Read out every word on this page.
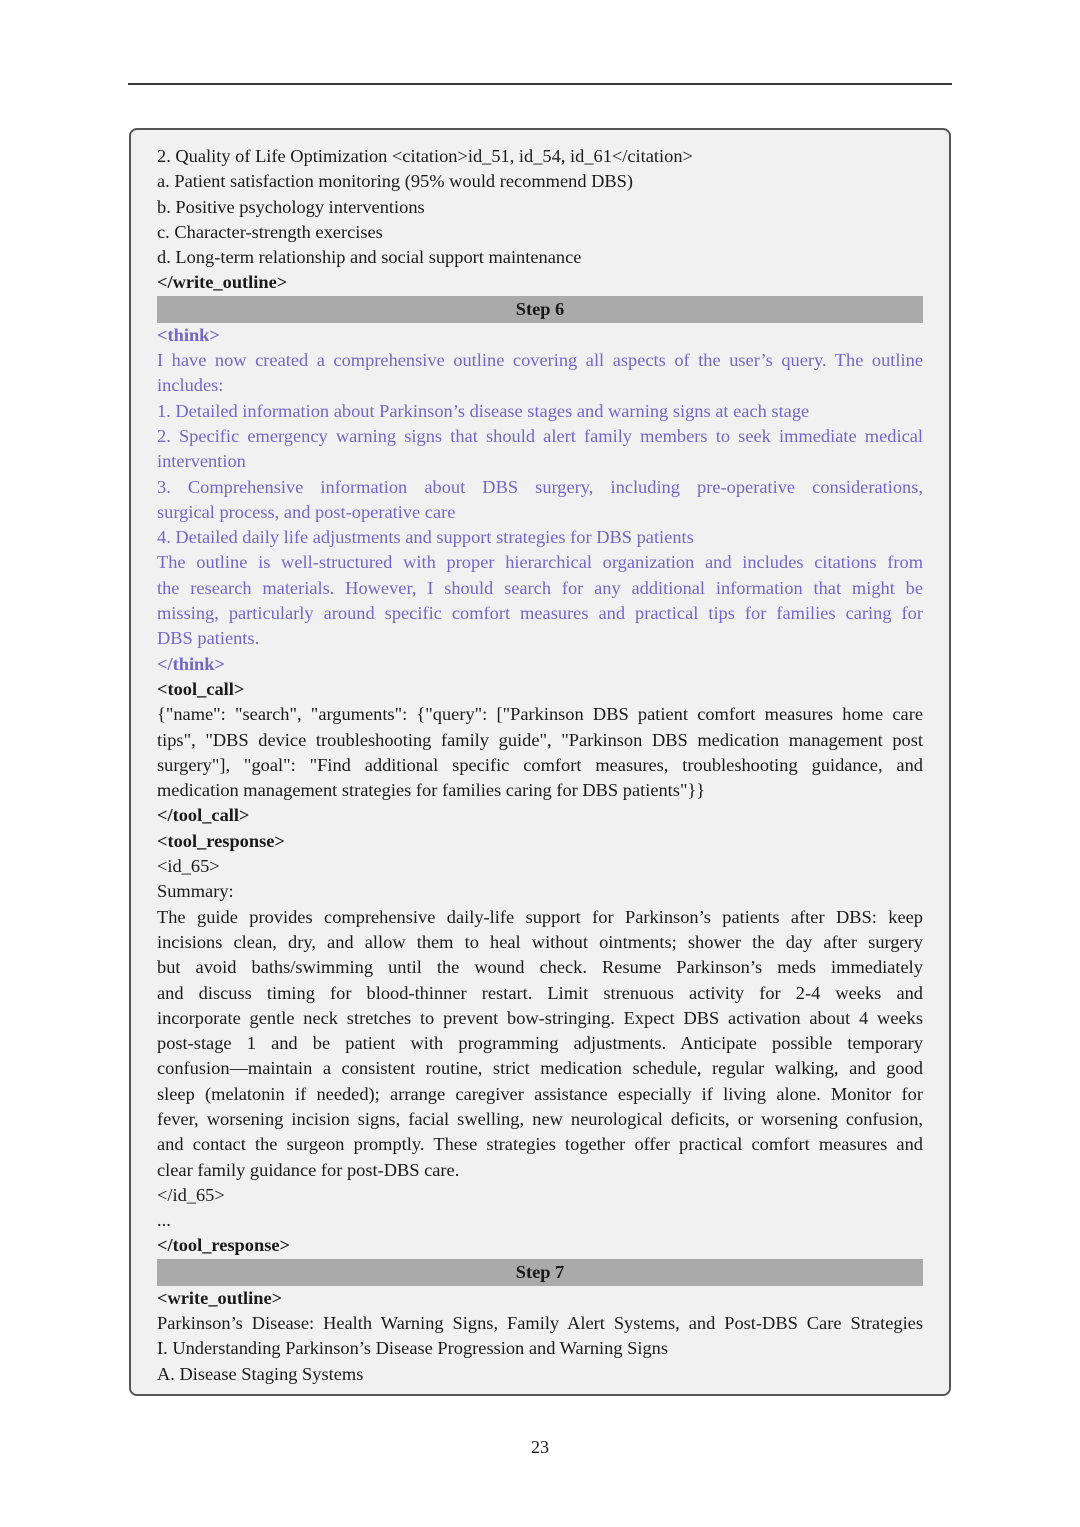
2. Quality of Life Optimization <citation>id_51, id_54, id_61</citation>

a. Patient satisfaction monitoring (95% would recommend DBS)

b. Positive psychology interventions

c. Character-strength exercises

d. Long-term relationship and social support maintenance

</write_outline>

Step 6

<think>

I have now created a comprehensive outline covering all aspects of the user’s query. The outline

includes:

1. Detailed information about Parkinson’s disease stages and warning signs at each stage

2. Specific emergency warning signs that should alert family members to seek immediate medical

intervention

3. Comprehensive information about DBS surgery, including pre-operative considerations,

surgical process, and post-operative care

4. Detailed daily life adjustments and support strategies for DBS patients

The outline is well-structured with proper hierarchical organization and includes citations from

the research materials. However, I should search for any additional information that might be

missing, particularly around specific comfort measures and practical tips for families caring for

DBS patients.

</think>

<tool_call>

{"name": "search", "arguments": {"query": ["Parkinson DBS patient comfort measures home care

tips", "DBS device troubleshooting family guide", "Parkinson DBS medication management post

surgery"], "goal": "Find additional specific comfort measures, troubleshooting guidance, and

medication management strategies for families caring for DBS patients"}}

</tool_call>

<tool_response>

<id_65>

Summary:

The guide provides comprehensive daily-life support for Parkinson’s patients after DBS: keep

incisions clean, dry, and allow them to heal without ointments; shower the day after surgery

but avoid baths/swimming until the wound check. Resume Parkinson’s meds immediately

and discuss timing for blood-thinner restart. Limit strenuous activity for 2-4 weeks and

incorporate gentle neck stretches to prevent bow-stringing. Expect DBS activation about 4 weeks

post-stage 1 and be patient with programming adjustments. Anticipate possible temporary

confusion—maintain a consistent routine, strict medication schedule, regular walking, and good

sleep (melatonin if needed); arrange caregiver assistance especially if living alone. Monitor for

fever, worsening incision signs, facial swelling, new neurological deficits, or worsening confusion,

and contact the surgeon promptly. These strategies together offer practical comfort measures and

clear family guidance for post-DBS care.

</id_65>

...

</tool_response>

Step 7

<write_outline>

Parkinson’s Disease: Health Warning Signs, Family Alert Systems, and Post-DBS Care Strategies

I. Understanding Parkinson’s Disease Progression and Warning Signs

A. Disease Staging Systems

23
